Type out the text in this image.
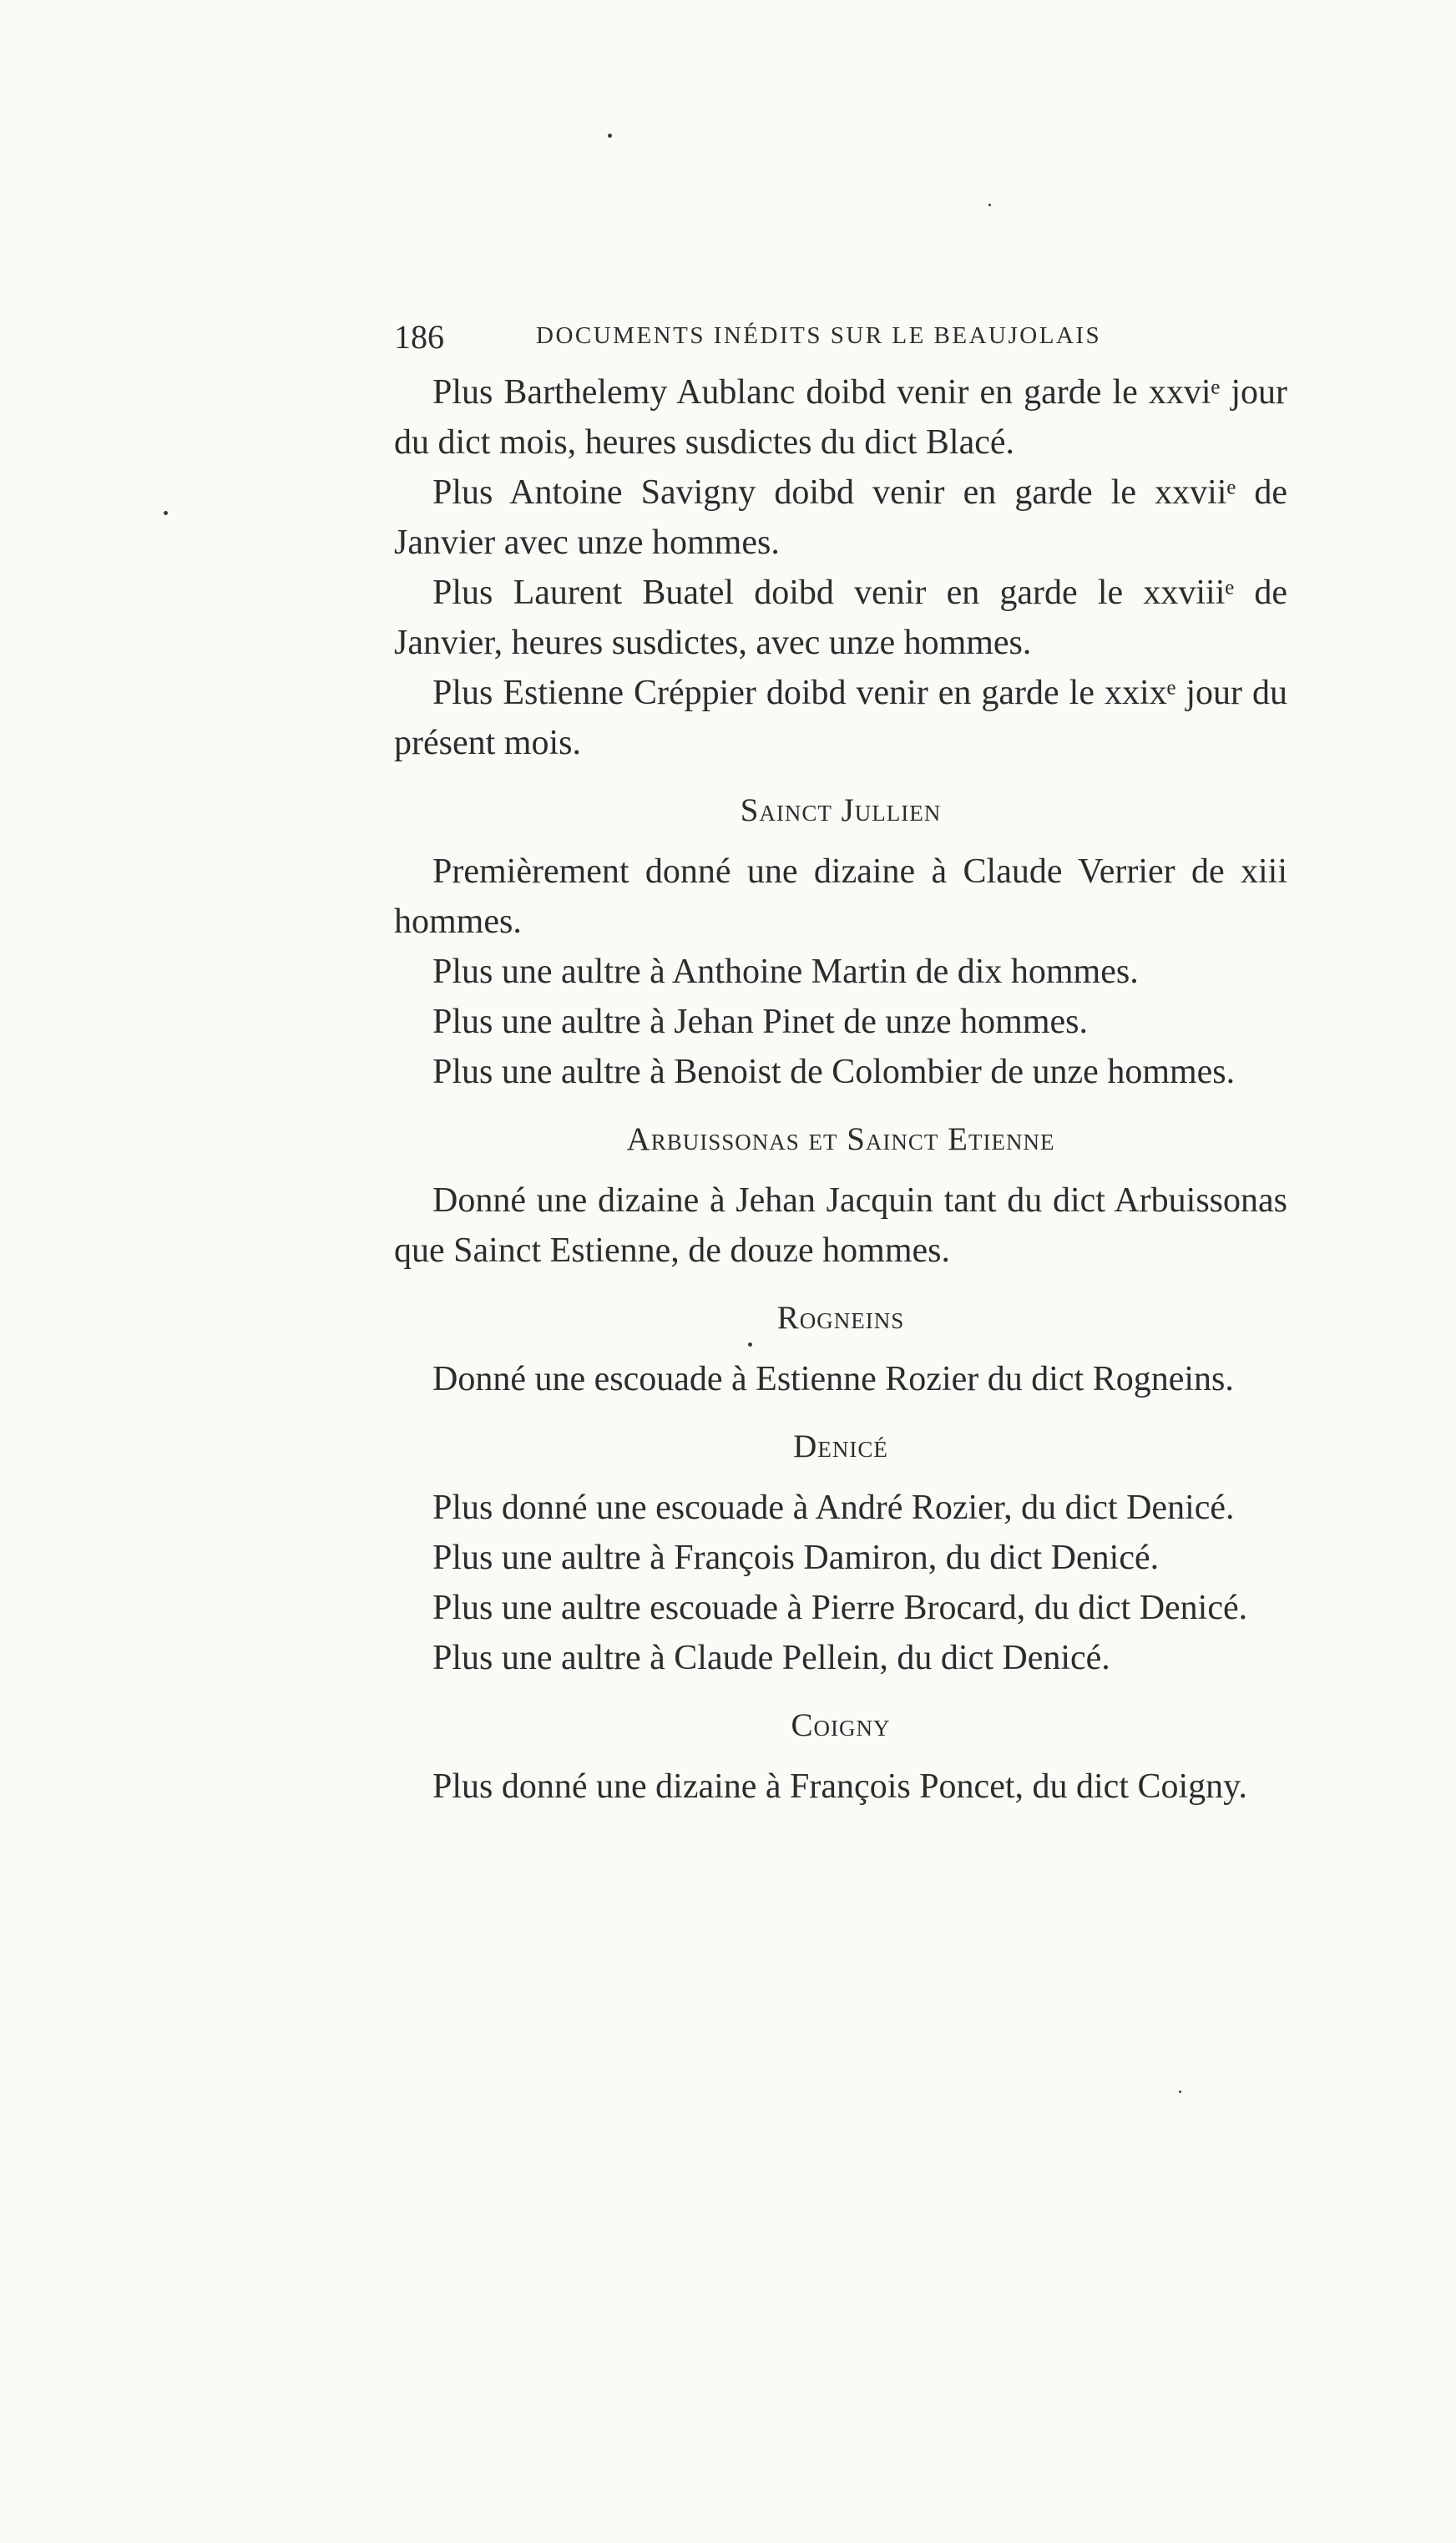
186	DOCUMENTS INÉDITS SUR LE BEAUJOLAIS

Plus Barthelemy Aublanc doibd venir en garde le xxviᵉ jour du dict mois, heures susdictes du dict Blacé.

Plus Antoine Savigny doibd venir en garde le xxviiᵉ de Janvier avec unze hommes.

Plus Laurent Buatel doibd venir en garde le xxviiiᵉ de Janvier, heures susdictes, avec unze hommes.

Plus Estienne Créppier doibd venir en garde le xxixᵉ jour du présent mois.

Sainct Jullien

Premièrement donné une dizaine à Claude Verrier de xiii hommes.

Plus une aultre à Anthoine Martin de dix hommes.

Plus une aultre à Jehan Pinet de unze hommes.

Plus une aultre à Benoist de Colombier de unze hommes.

Arbuissonas et Sainct Etienne

Donné une dizaine à Jehan Jacquin tant du dict Arbuissonas que Sainct Estienne, de douze hommes.

Rogneins

Donné une escouade à Estienne Rozier du dict Rogneins.

Denicé

Plus donné une escouade à André Rozier, du dict Denicé.

Plus une aultre à François Damiron, du dict Denicé.

Plus une aultre escouade à Pierre Brocard, du dict Denicé.

Plus une aultre à Claude Pellein, du dict Denicé.

Coigny

Plus donné une dizaine à François Poncet, du dict Coigny.
